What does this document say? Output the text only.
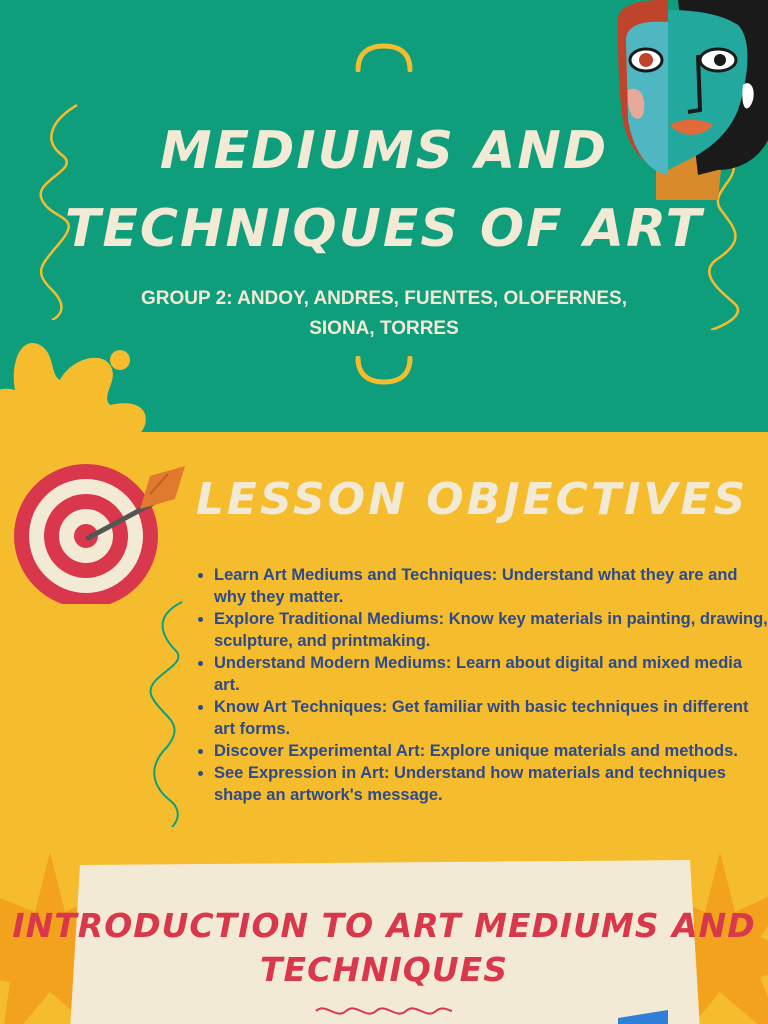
MEDIUMS AND
TECHNIQUES OF ART
GROUP 2: ANDOY, ANDRES, FUENTES, OLOFERNES,
SIONA, TORRES
LESSON OBJECTIVES
• Learn Art Mediums and Techniques: Understand what they are and why they matter.
• Explore Traditional Mediums: Know key materials in painting, drawing, sculpture, and printmaking.
• Understand Modern Mediums: Learn about digital and mixed media art.
• Know Art Techniques: Get familiar with basic techniques in different art forms.
• Discover Experimental Art: Explore unique materials and methods.
• See Expression in Art: Understand how materials and techniques shape an artwork's message.
INTRODUCTION TO ART MEDIUMS AND
TECHNIQUES
